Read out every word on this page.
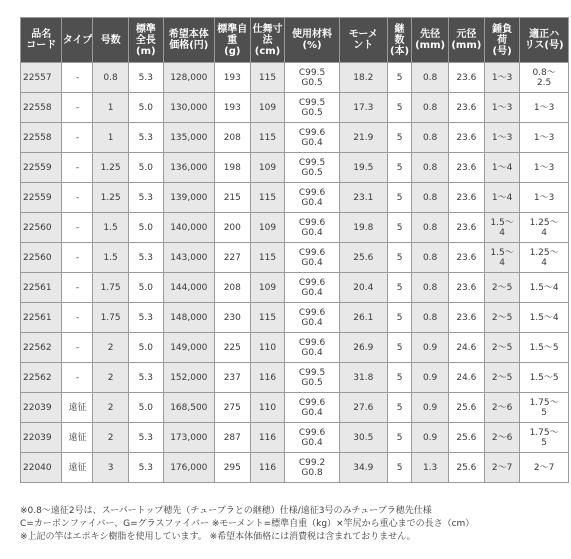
品名
コード	タイプ	号数	標準
全長
(m)	希望本体
価格(円)	標準自
重
(g)	仕舞寸
法
(cm)	使用材料
(%)	モーメ
ント	継
数
(本)	先径
(mm)	元径
(mm)	錘負
荷
(号)	適正ハ
リス(号)

22557	-	0.8	5.3	128,000	193	115	C99.5
G0.5	18.2	5	0.8	23.6	1〜3	0.8〜
2.5

22558	-	1	5.0	130,000	193	109	C99.5
G0.5	17.3	5	0.8	23.6	1〜3	1〜3

22558	-	1	5.3	135,000	208	115	C99.6
G0.4	21.9	5	0.8	23.6	1〜3	1〜3

22559	-	1.25	5.0	136,000	198	109	C99.5
G0.5	19.5	5	0.8	23.6	1〜4	1〜3

22559	-	1.25	5.3	139,000	215	115	C99.6
G0.4	23.1	5	0.8	23.6	1〜4	1〜3

22560	-	1.5	5.0	140,000	200	109	C99.6
G0.4	19.8	5	0.8	23.6	1.5〜
4	1.25〜
4

22560	-	1.5	5.3	143,000	227	115	C99.6
G0.4	25.6	5	0.8	23.6	1.5〜
4	1.25〜
4

22561	-	1.75	5.0	144,000	208	109	C99.6
G0.4	20.4	5	0.8	23.6	2〜5	1.5〜4

22561	-	1.75	5.3	148,000	230	115	C99.6
G0.4	26.1	5	0.8	23.6	2〜5	1.5〜4

22562	-	2	5.0	149,000	225	110	C99.6
G0.4	26.9	5	0.9	24.6	2〜5	1.5〜5

22562	-	2	5.3	152,000	237	116	C99.5
G0.5	31.8	5	0.9	24.6	2〜5	1.5〜5

22039	遠征	2	5.0	168,500	275	110	C99.6
G0.4	27.6	5	0.9	25.6	2〜6	1.75〜
5

22039	遠征	2	5.3	173,000	287	116	C99.6
G0.4	30.5	5	0.9	25.6	2〜6	1.75〜
5

22040	遠征	3	5.3	176,000	295	116	C99.2
G0.8	34.9	5	1.3	25.6	2〜7	2〜7
※0.8〜遠征2号は、スーパートップ穂先（チューブラとの継穂）仕様/遠征3号のみチューブラ穂先仕様
C=カーボンファイバー、G=グラスファイバー ※モーメント=標準自重（kg）×竿尻から重心までの長さ（cm）
※上記の竿はエポキシ樹脂を使用しています。 ※希望本体価格には消費税は含まれておりません。
